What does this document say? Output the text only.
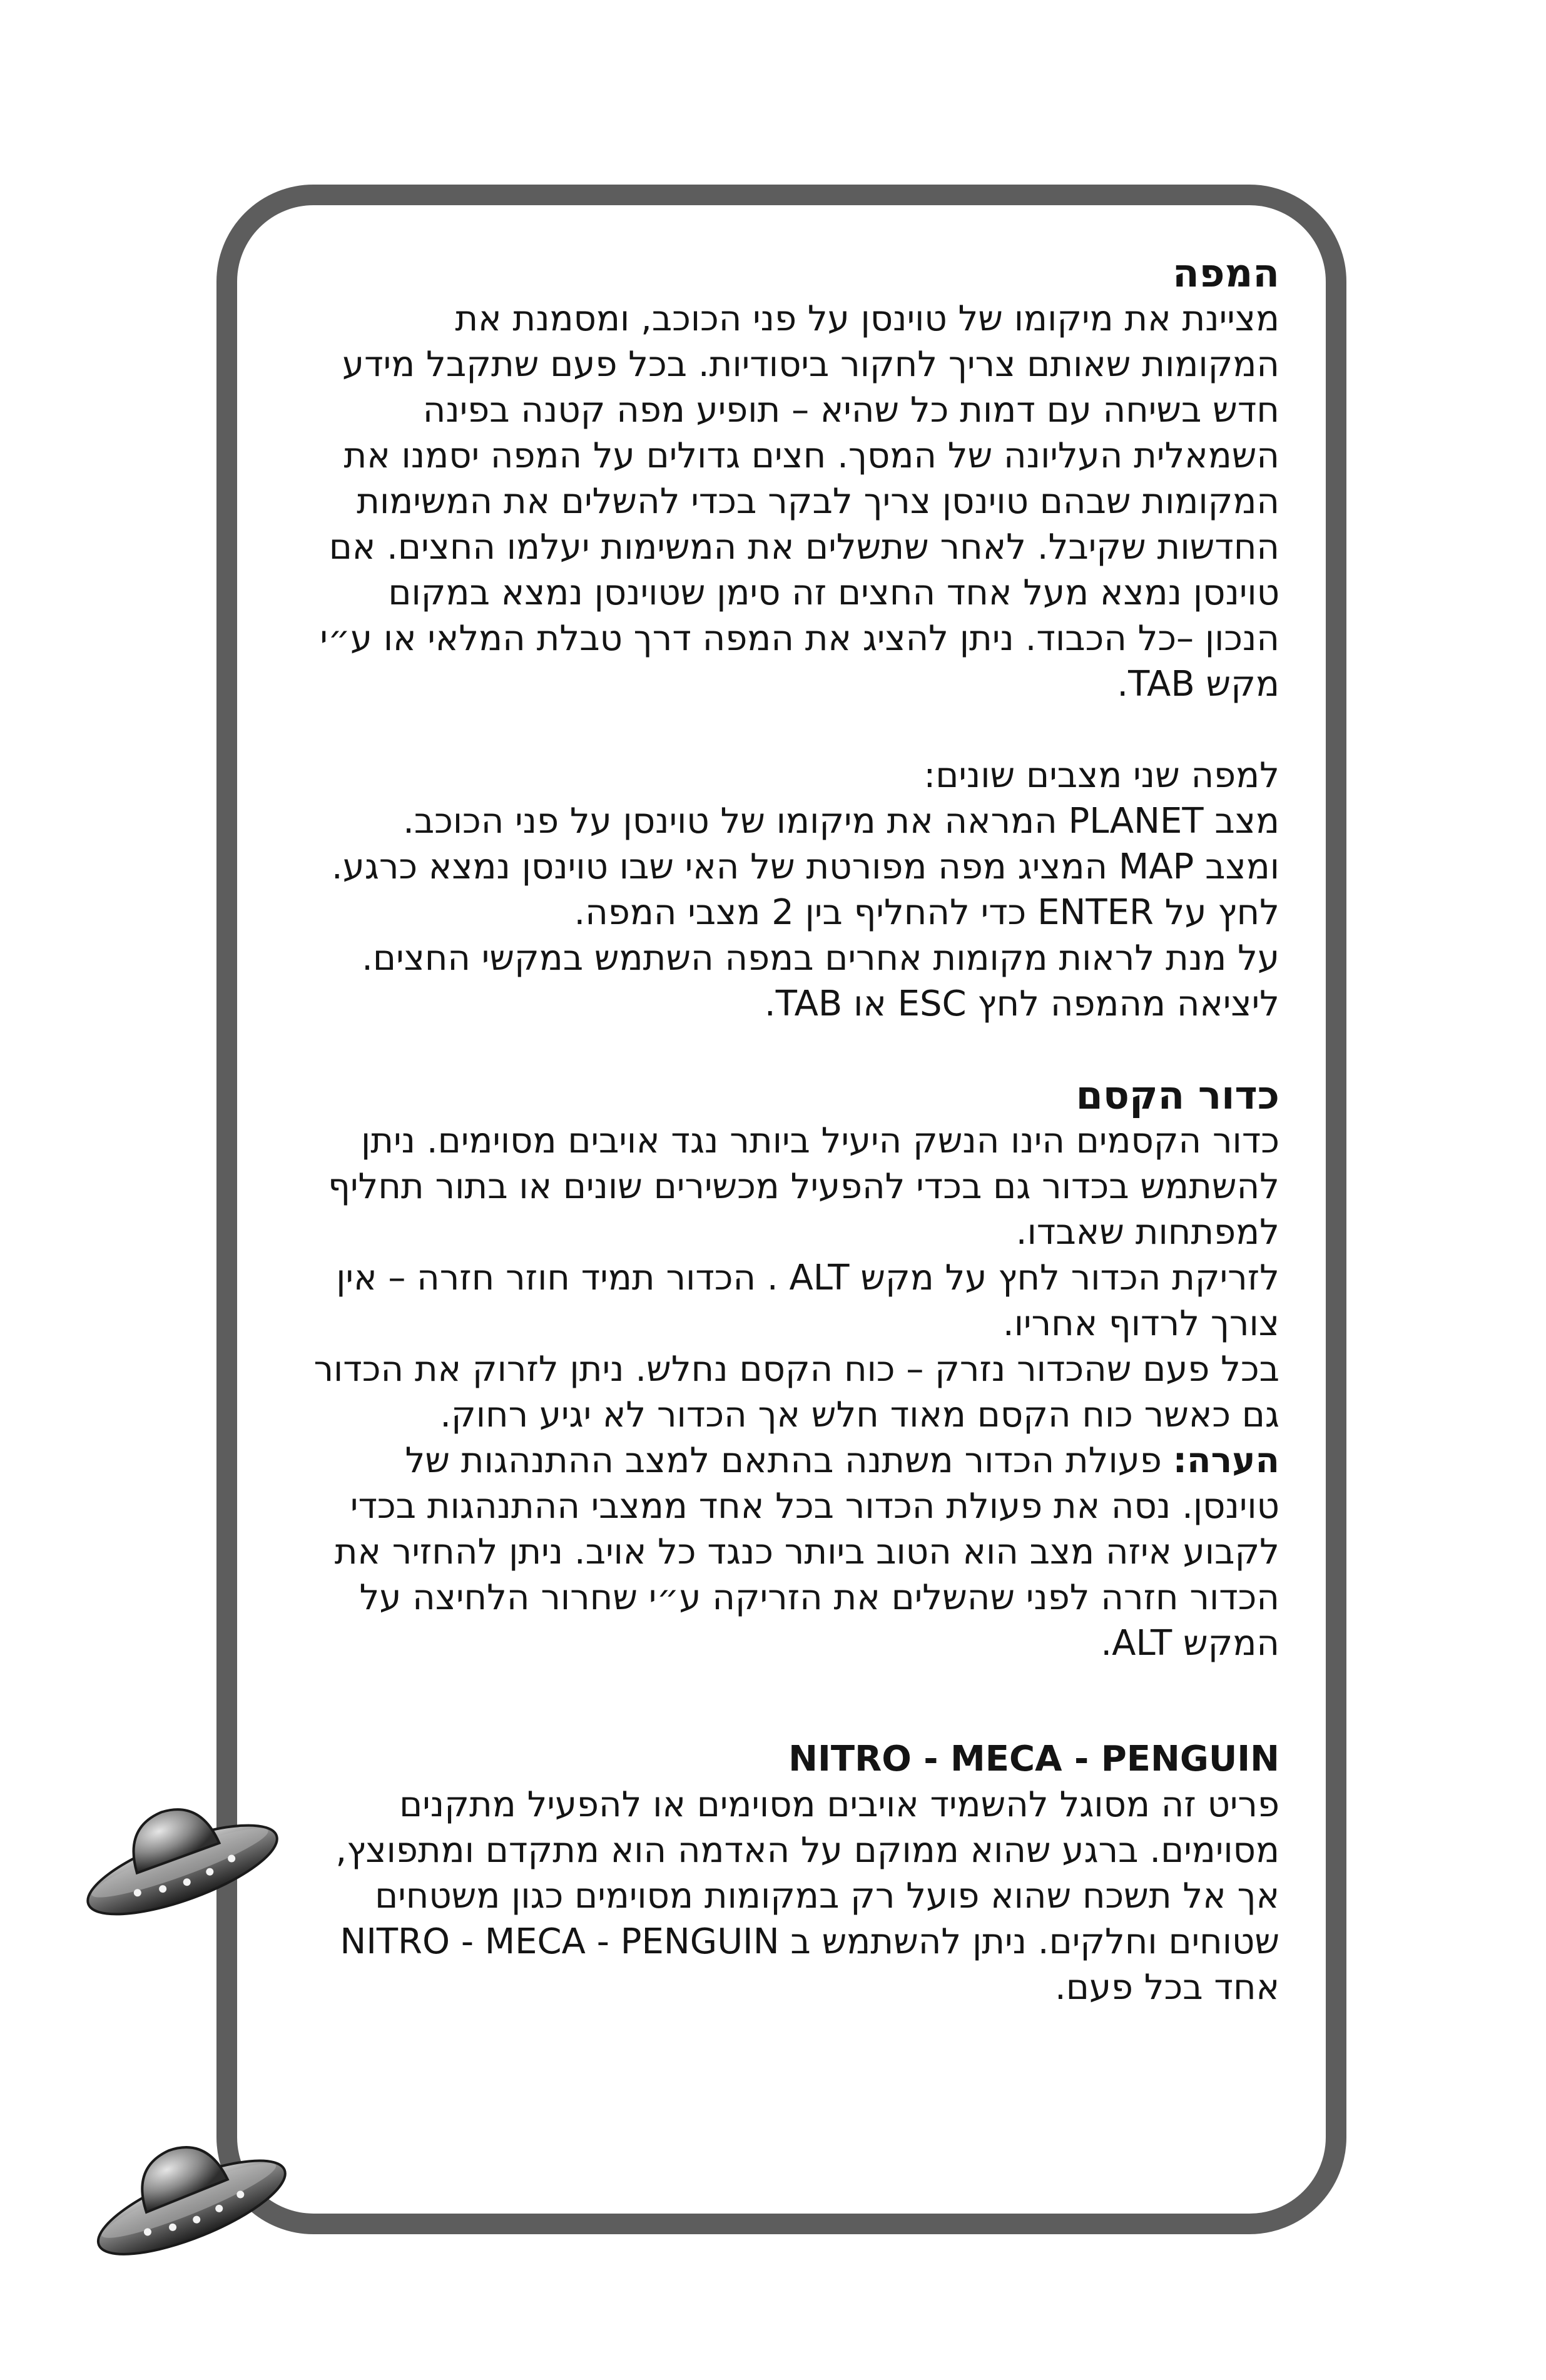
המפה

מציינת את מיקומו של טוינסן על פני הכוכב, ומסמנת את המקומות שאותם צריך לחקור ביסודיות. בכל פעם שתקבל מידע חדש בשיחה עם דמות כל שהיא – תופיע מפה קטנה בפינה השמאלית העליונה של המסך. חצים גדולים על המפה יסמנו את המקומות שבהם טוינסן צריך לבקר בכדי להשלים את המשימות החדשות שקיבל. לאחר שתשלים את המשימות יעלמו החצים. אם טוינסן נמצא מעל אחד החצים זה סימן שטוינסן נמצא במקום הנכון –כל הכבוד. ניתן להציג את המפה דרך טבלת המלאי או ע״י מקש TAB.

למפה שני מצבים שונים:

מצב PLANET המראה את מיקומו של טוינסן על פני הכוכב.

ומצב MAP המציג מפה מפורטת של האי שבו טוינסן נמצא כרגע.

לחץ על ENTER כדי להחליף בין 2 מצבי המפה.

על מנת לראות מקומות אחרים במפה השתמש במקשי החצים.

ליציאה מהמפה לחץ ESC או TAB.

כדור הקסם

כדור הקסמים הינו הנשק היעיל ביותר נגד אויבים מסוימים. ניתן להשתמש בכדור גם בכדי להפעיל מכשירים שונים או בתור תחליף למפתחות שאבדו.

לזריקת הכדור לחץ על מקש ALT . הכדור תמיד חוזר חזרה – אין צורך לרדוף אחריו.

בכל פעם שהכדור נזרק – כוח הקסם נחלש. ניתן לזרוק את הכדור גם כאשר כוח הקסם מאוד חלש אך הכדור לא יגיע רחוק.

הערה: פעולת הכדור משתנה בהתאם למצב ההתנהגות של טוינסן. נסה את פעולת הכדור בכל אחד ממצבי ההתנהגות בכדי לקבוע איזה מצב הוא הטוב ביותר כנגד כל אויב. ניתן להחזיר את הכדור חזרה לפני שהשלים את הזריקה ע״י שחרור הלחיצה על המקש ALT.

NITRO - MECA - PENGUIN

פריט זה מסוגל להשמיד אויבים מסוימים או להפעיל מתקנים מסוימים. ברגע שהוא ממוקם על האדמה הוא מתקדם ומתפוצץ, אך אל תשכח שהוא פועל רק במקומות מסוימים כגון משטחים שטוחים וחלקים. ניתן להשתמש ב NITRO - MECA - PENGUIN אחד בכל פעם.
